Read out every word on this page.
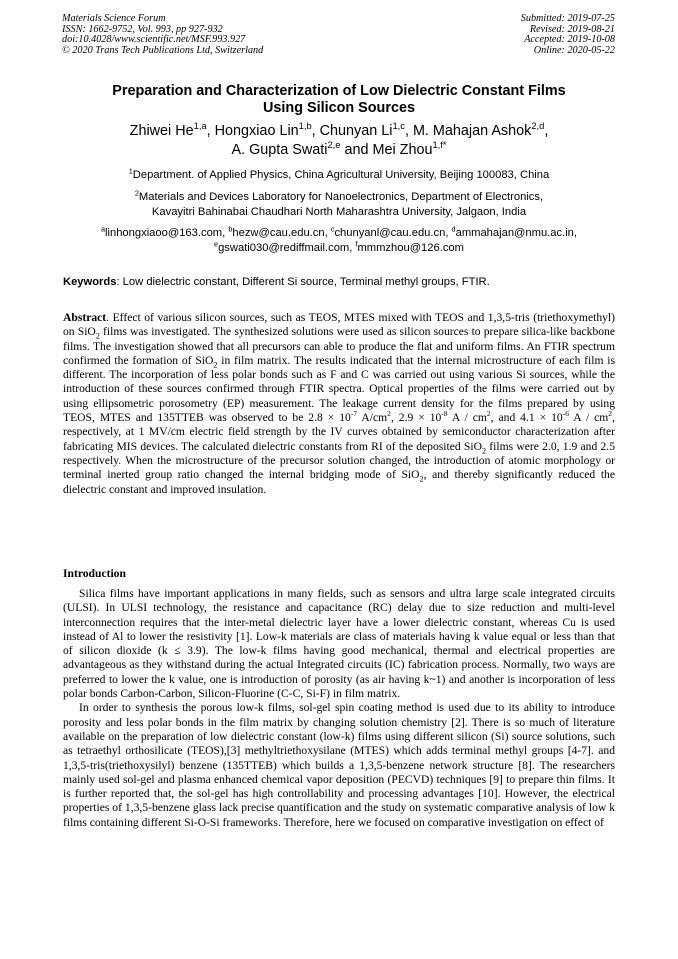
Materials Science Forum
ISSN: 1662-9752, Vol. 993, pp 927-932
doi:10.4028/www.scientific.net/MSF.993.927
© 2020 Trans Tech Publications Ltd, Switzerland
Submitted: 2019-07-25
Revised: 2019-08-21
Accepted: 2019-10-08
Online: 2020-05-22
Preparation and Characterization of Low Dielectric Constant Films
Using Silicon Sources
Zhiwei He$^{1,a}$, Hongxiao Lin$^{1,b}$, Chunyan Li$^{1,c}$, M. Mahajan Ashok$^{2,d}$,
A. Gupta Swati$^{2,e}$ and Mei Zhou$^{1,f*}$
$^1$Department. of Applied Physics, China Agricultural University, Beijing 100083, China
$^2$Materials and Devices Laboratory for Nanoelectronics, Department of Electronics,
Kavayitri Bahinabai Chaudhari North Maharashtra University, Jalgaon, India
$^a$linhongxiaoo@163.com, $^b$hezw@cau.edu.cn, $^c$chunyanl@cau.edu.cn, $^d$ammahajan@nmu.ac.in,
$^e$gswati030@rediffmail.com, $^f$mmmzhou@126.com
Keywords: Low dielectric constant, Different Si source, Terminal methyl groups, FTIR.
Abstract. Effect of various silicon sources, such as TEOS, MTES mixed with TEOS and 1,3,5-tris (triethoxymethyl) on SiO$_2$ films was investigated. The synthesized solutions were used as silicon sources to prepare silica-like backbone films. The investigation showed that all precursors can able to produce the flat and uniform films. An FTIR spectrum confirmed the formation of SiO$_2$ in film matrix. The results indicated that the internal microstructure of each film is different. The incorporation of less polar bonds such as F and C was carried out using various Si sources, while the introduction of these sources confirmed through FTIR spectra. Optical properties of the films were carried out by using ellipsometric porosometry (EP) measurement. The leakage current density for the films prepared by using TEOS, MTES and 135TTEB was observed to be $2.8 \times 10^{-7}$ $A/cm^2$, $2.9 \times 10^{-8}$ A / $cm^2$, and $4.1 \times 10^{-6}$ A / $cm^2$, respectively, at 1 MV/cm electric field strength by the IV curves obtained by semiconductor characterization after fabricating MIS devices. The calculated dielectric constants from RI of the deposited SiO$_2$ films were 2.0, 1.9 and 2.5 respectively. When the microstructure of the precursor solution changed, the introduction of atomic morphology or terminal inerted group ratio changed the internal bridging mode of SiO$_2$, and thereby significantly reduced the dielectric constant and improved insulation.
Introduction

Silica films have important applications in many fields, such as sensors and ultra large scale integrated circuits (ULSI). In ULSI technology, the resistance and capacitance (RC) delay due to size reduction and multi-level interconnection requires that the inter-metal dielectric layer have a lower dielectric constant, whereas Cu is used instead of Al to lower the resistivity [1]. Low-k materials are class of materials having k value equal or less than that of silicon dioxide (k ≤ 3.9). The low-k films having good mechanical, thermal and electrical properties are advantageous as they withstand during the actual Integrated circuits (IC) fabrication process. Normally, two ways are preferred to lower the k value, one is introduction of porosity (as air having k~1) and another is incorporation of less polar bonds Carbon-Carbon, Silicon-Fluorine (C-C, Si-F) in film matrix.

In order to synthesis the porous low-k films, sol-gel spin coating method is used due to its ability to introduce porosity and less polar bonds in the film matrix by changing solution chemistry [2]. There is so much of literature available on the preparation of low dielectric constant (low-k) films using different silicon (Si) source solutions, such as tetraethyl orthosilicate (TEOS),[3] methyltriethoxysilane (MTES) which adds terminal methyl groups [4-7]. and 1,3,5-tris(triethoxysilyl) benzene (135TTEB) which builds a 1,3,5-benzene network structure [8]. The researchers mainly used sol-gel and plasma enhanced chemical vapor deposition (PECVD) techniques [9] to prepare thin films. It is further reported that, the sol-gel has high controllability and processing advantages [10]. However, the electrical properties of 1,3,5-benzene glass lack precise quantification and the study on systematic comparative analysis of low k films containing different Si-O-Si frameworks. Therefore, here we focused on comparative investigation on effect of
